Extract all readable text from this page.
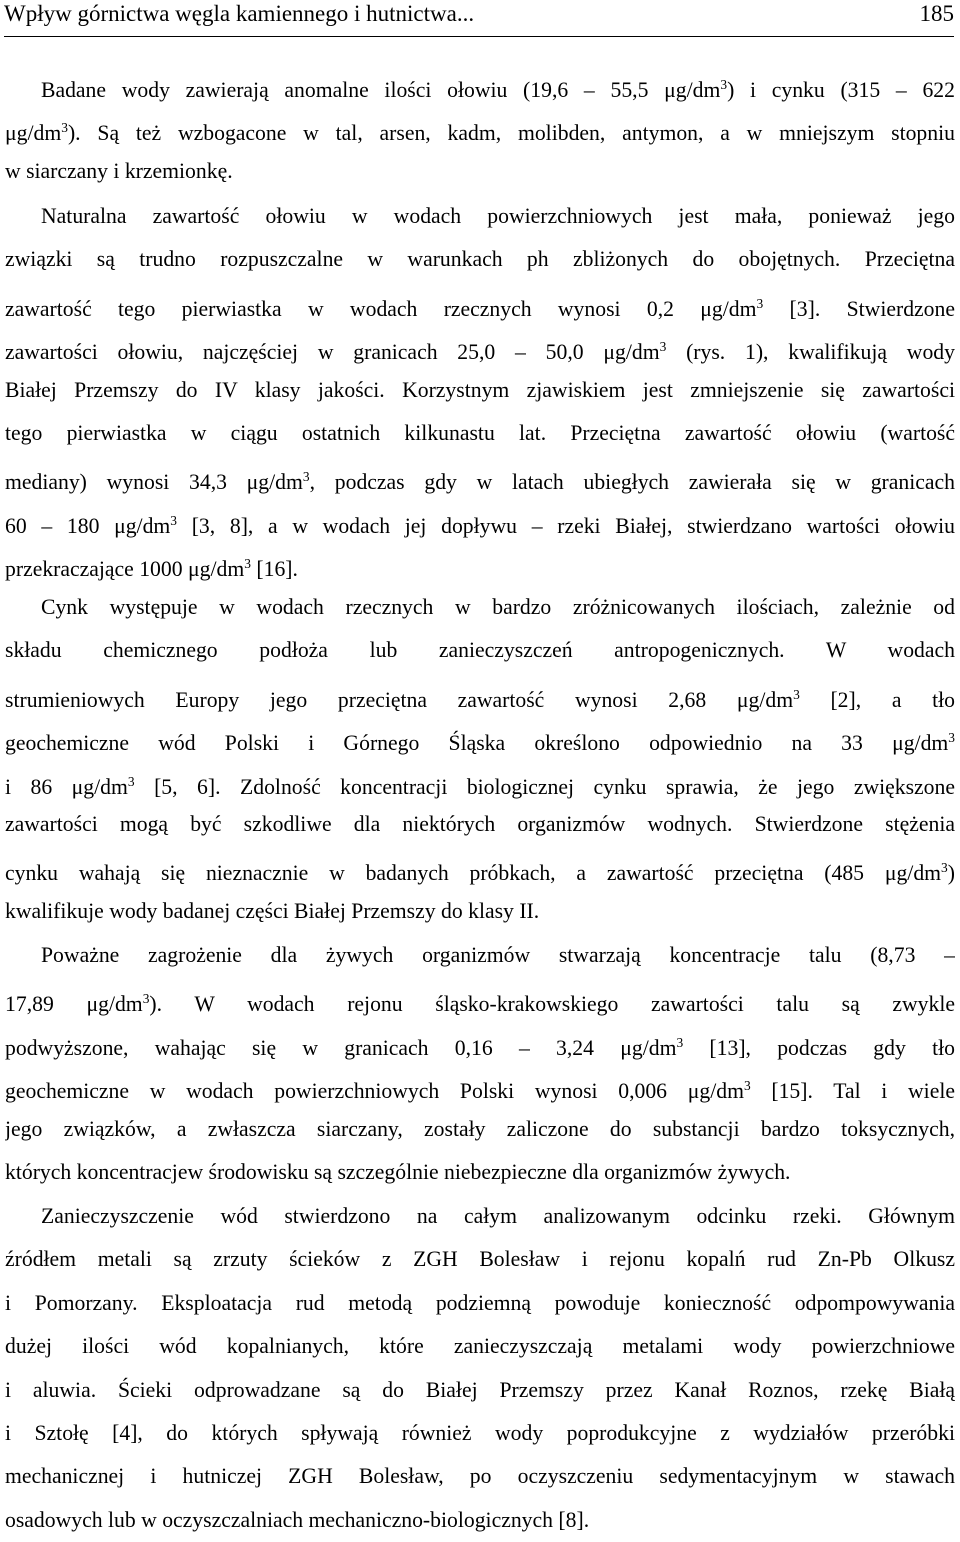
Wpływ górnictwa węgla kamiennego i hutnictwa...	185
Badane wody zawierają anomalne ilości ołowiu (19,6 – 55,5 $\mu g/dm^3$) i cynku (315 – 622
$\mu g/dm^3$). Są też wzbogacone w tal, arsen, kadm, molibden, antymon, a w mniejszym stopniu
w siarczany i krzemionkę.
Naturalna zawartość ołowiu w wodach powierzchniowych jest mała, ponieważ jego
związki są trudno rozpuszczalne w warunkach ph zbliżonych do obojętnych. Przeciętna
zawartość tego pierwiastka w wodach rzecznych wynosi 0,2 $\mu g/dm^3$ [3]. Stwierdzone
zawartości ołowiu, najczęściej w granicach 25,0 – 50,0 $\mu g/dm^3$ (rys. 1), kwalifikują wody
Białej Przemszy do IV klasy jakości. Korzystnym zjawiskiem jest zmniejszenie się zawartości
tego pierwiastka w ciągu ostatnich kilkunastu lat. Przeciętna zawartość ołowiu (wartość
mediany) wynosi 34,3 $\mu g/dm^3$, podczas gdy w latach ubiegłych zawierała się w granicach
60 – 180 $\mu g/dm^3$ [3, 8], a w wodach jej dopływu – rzeki Białej, stwierdzano wartości ołowiu
przekraczające 1000 $\mu g/dm^3$ [16].
Cynk występuje w wodach rzecznych w bardzo zróżnicowanych ilościach, zależnie od
składu chemicznego podłoża lub zanieczyszczeń antropogenicznych. W wodach
strumieniowych Europy jego przeciętna zawartość wynosi 2,68 $\mu g/dm^3$ [2], a tło
geochemiczne wód Polski i Górnego Śląska określono odpowiednio na 33 $\mu g/dm^3$
i 86 $\mu g/dm^3$ [5, 6]. Zdolność koncentracji biologicznej cynku sprawia, że jego zwiększone
zawartości mogą być szkodliwe dla niektórych organizmów wodnych. Stwierdzone stężenia
cynku wahają się nieznacznie w badanych próbkach, a zawartość przeciętna (485 $\mu g/dm^3$)
kwalifikuje wody badanej części Białej Przemszy do klasy II.
Poważne zagrożenie dla żywych organizmów stwarzają koncentracje talu (8,73 –
17,89 $\mu g/dm^3$). W wodach rejonu śląsko-krakowskiego zawartości talu są zwykle
podwyższone, wahając się w granicach 0,16 – 3,24 $\mu g/dm^3$ [13], podczas gdy tło
geochemiczne w wodach powierzchniowych Polski wynosi 0,006 $\mu g/dm^3$ [15]. Tal i wiele
jego związków, a zwłaszcza siarczany, zostały zaliczone do substancji bardzo toksycznych,
których koncentracjew środowisku są szczególnie niebezpieczne dla organizmów żywych.
Zanieczyszczenie wód stwierdzono na całym analizowanym odcinku rzeki. Głównym
źródłem metali są zrzuty ścieków z ZGH Bolesław i rejonu kopalń rud Zn-Pb Olkusz
i Pomorzany. Eksploatacja rud metodą podziemną powoduje konieczność odpompowywania
dużej ilości wód kopalnianych, które zanieczyszczają metalami wody powierzchniowe
i aluwia. Ścieki odprowadzane są do Białej Przemszy przez Kanał Roznos, rzekę Białą
i Sztołę [4], do których spływają również wody poprodukcyjne z wydziałów przeróbki
mechanicznej i hutniczej ZGH Bolesław, po oczyszczeniu sedymentacyjnym w stawach
osadowych lub w oczyszczalniach mechaniczno-biologicznych [8].
